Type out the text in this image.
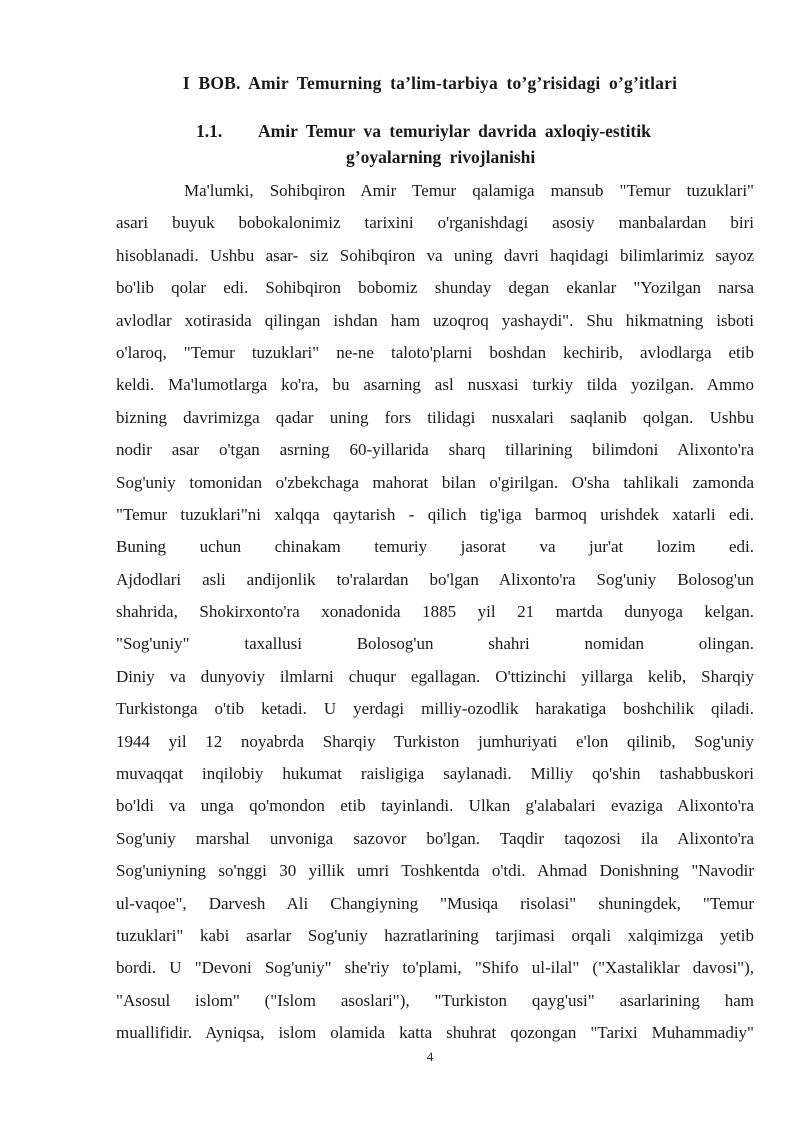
I BOB. Amir Temurning ta’lim-tarbiya to’g’risidagi o’g’itlari
1.1.	Amir Temur va temuriylar davrida axloqiy-estitik
g’oyalarning rivojlanishi
Ma'lumki, Sohibqiron Amir Temur qalamiga mansub "Temur tuzuklari"
asari buyuk bobokalonimiz tarixini o'rganishdagi asosiy manbalardan biri
hisoblanadi. Ushbu asar- siz Sohibqiron va uning davri haqidagi bilimlarimiz sayoz
bo'lib qolar edi. Sohibqiron bobomiz shunday degan ekanlar "Yozilgan narsa
avlodlar xotirasida qilingan ishdan ham uzoqroq yashaydi". Shu hikmatning isboti
o'laroq, "Temur tuzuklari" ne-ne taloto'plarni boshdan kechirib, avlodlarga etib
keldi. Ma'lumotlarga ko'ra, bu asarning asl nusxasi turkiy tilda yozilgan. Ammo
bizning davrimizga qadar uning fors tilidagi nusxalari saqlanib qolgan. Ushbu
nodir asar o'tgan asrning 60-yillarida sharq tillarining bilimdoni Alixonto'ra
Sog'uniy tomonidan o'zbekchaga mahorat bilan o'girilgan. O'sha tahlikali zamonda
"Temur tuzuklari"ni xalqqa qaytarish - qilich tig'iga barmoq urishdek xatarli edi.
Buning uchun chinakam temuriy jasorat va jur'at lozim edi.
Ajdodlari asli andijonlik to'ralardan bo'lgan Alixonto'ra Sog'uniy Bolosog'un
shahrida, Shokirxonto'ra xonadonida 1885 yil 21 martda dunyoga kelgan.
"Sog'uniy" taxallusi Bolosog'un shahri nomidan olingan.
Diniy va dunyoviy ilmlarni chuqur egallagan. O'ttizinchi yillarga kelib, Sharqiy
Turkistonga o'tib ketadi. U yerdagi milliy-ozodlik harakatiga boshchilik qiladi.
1944 yil 12 noyabrda Sharqiy Turkiston jumhuriyati e'lon qilinib, Sog'uniy
muvaqqat inqilobiy hukumat raisligiga saylanadi. Milliy qo'shin tashabbuskori
bo'ldi va unga qo'mondon etib tayinlandi. Ulkan g'alabalari evaziga Alixonto'ra
Sog'uniy marshal unvoniga sazovor bo'lgan. Taqdir taqozosi ila Alixonto'ra
Sog'uniyning so'nggi 30 yillik umri Toshkentda o'tdi. Ahmad Donishning "Navodir
ul-vaqoe", Darvesh Ali Changiyning "Musiqa risolasi" shuningdek, "Temur
tuzuklari" kabi asarlar Sog'uniy hazratlarining tarjimasi orqali xalqimizga yetib
bordi. U "Devoni Sog'uniy" she'riy to'plami, "Shifo ul-ilal" ("Xastaliklar davosi"),
"Asosul islom" ("Islom asoslari"), "Turkiston qayg'usi" asarlarining ham
muallifidir. Ayniqsa, islom olamida katta shuhrat qozongan "Tarixi Muhammadiy"
4
